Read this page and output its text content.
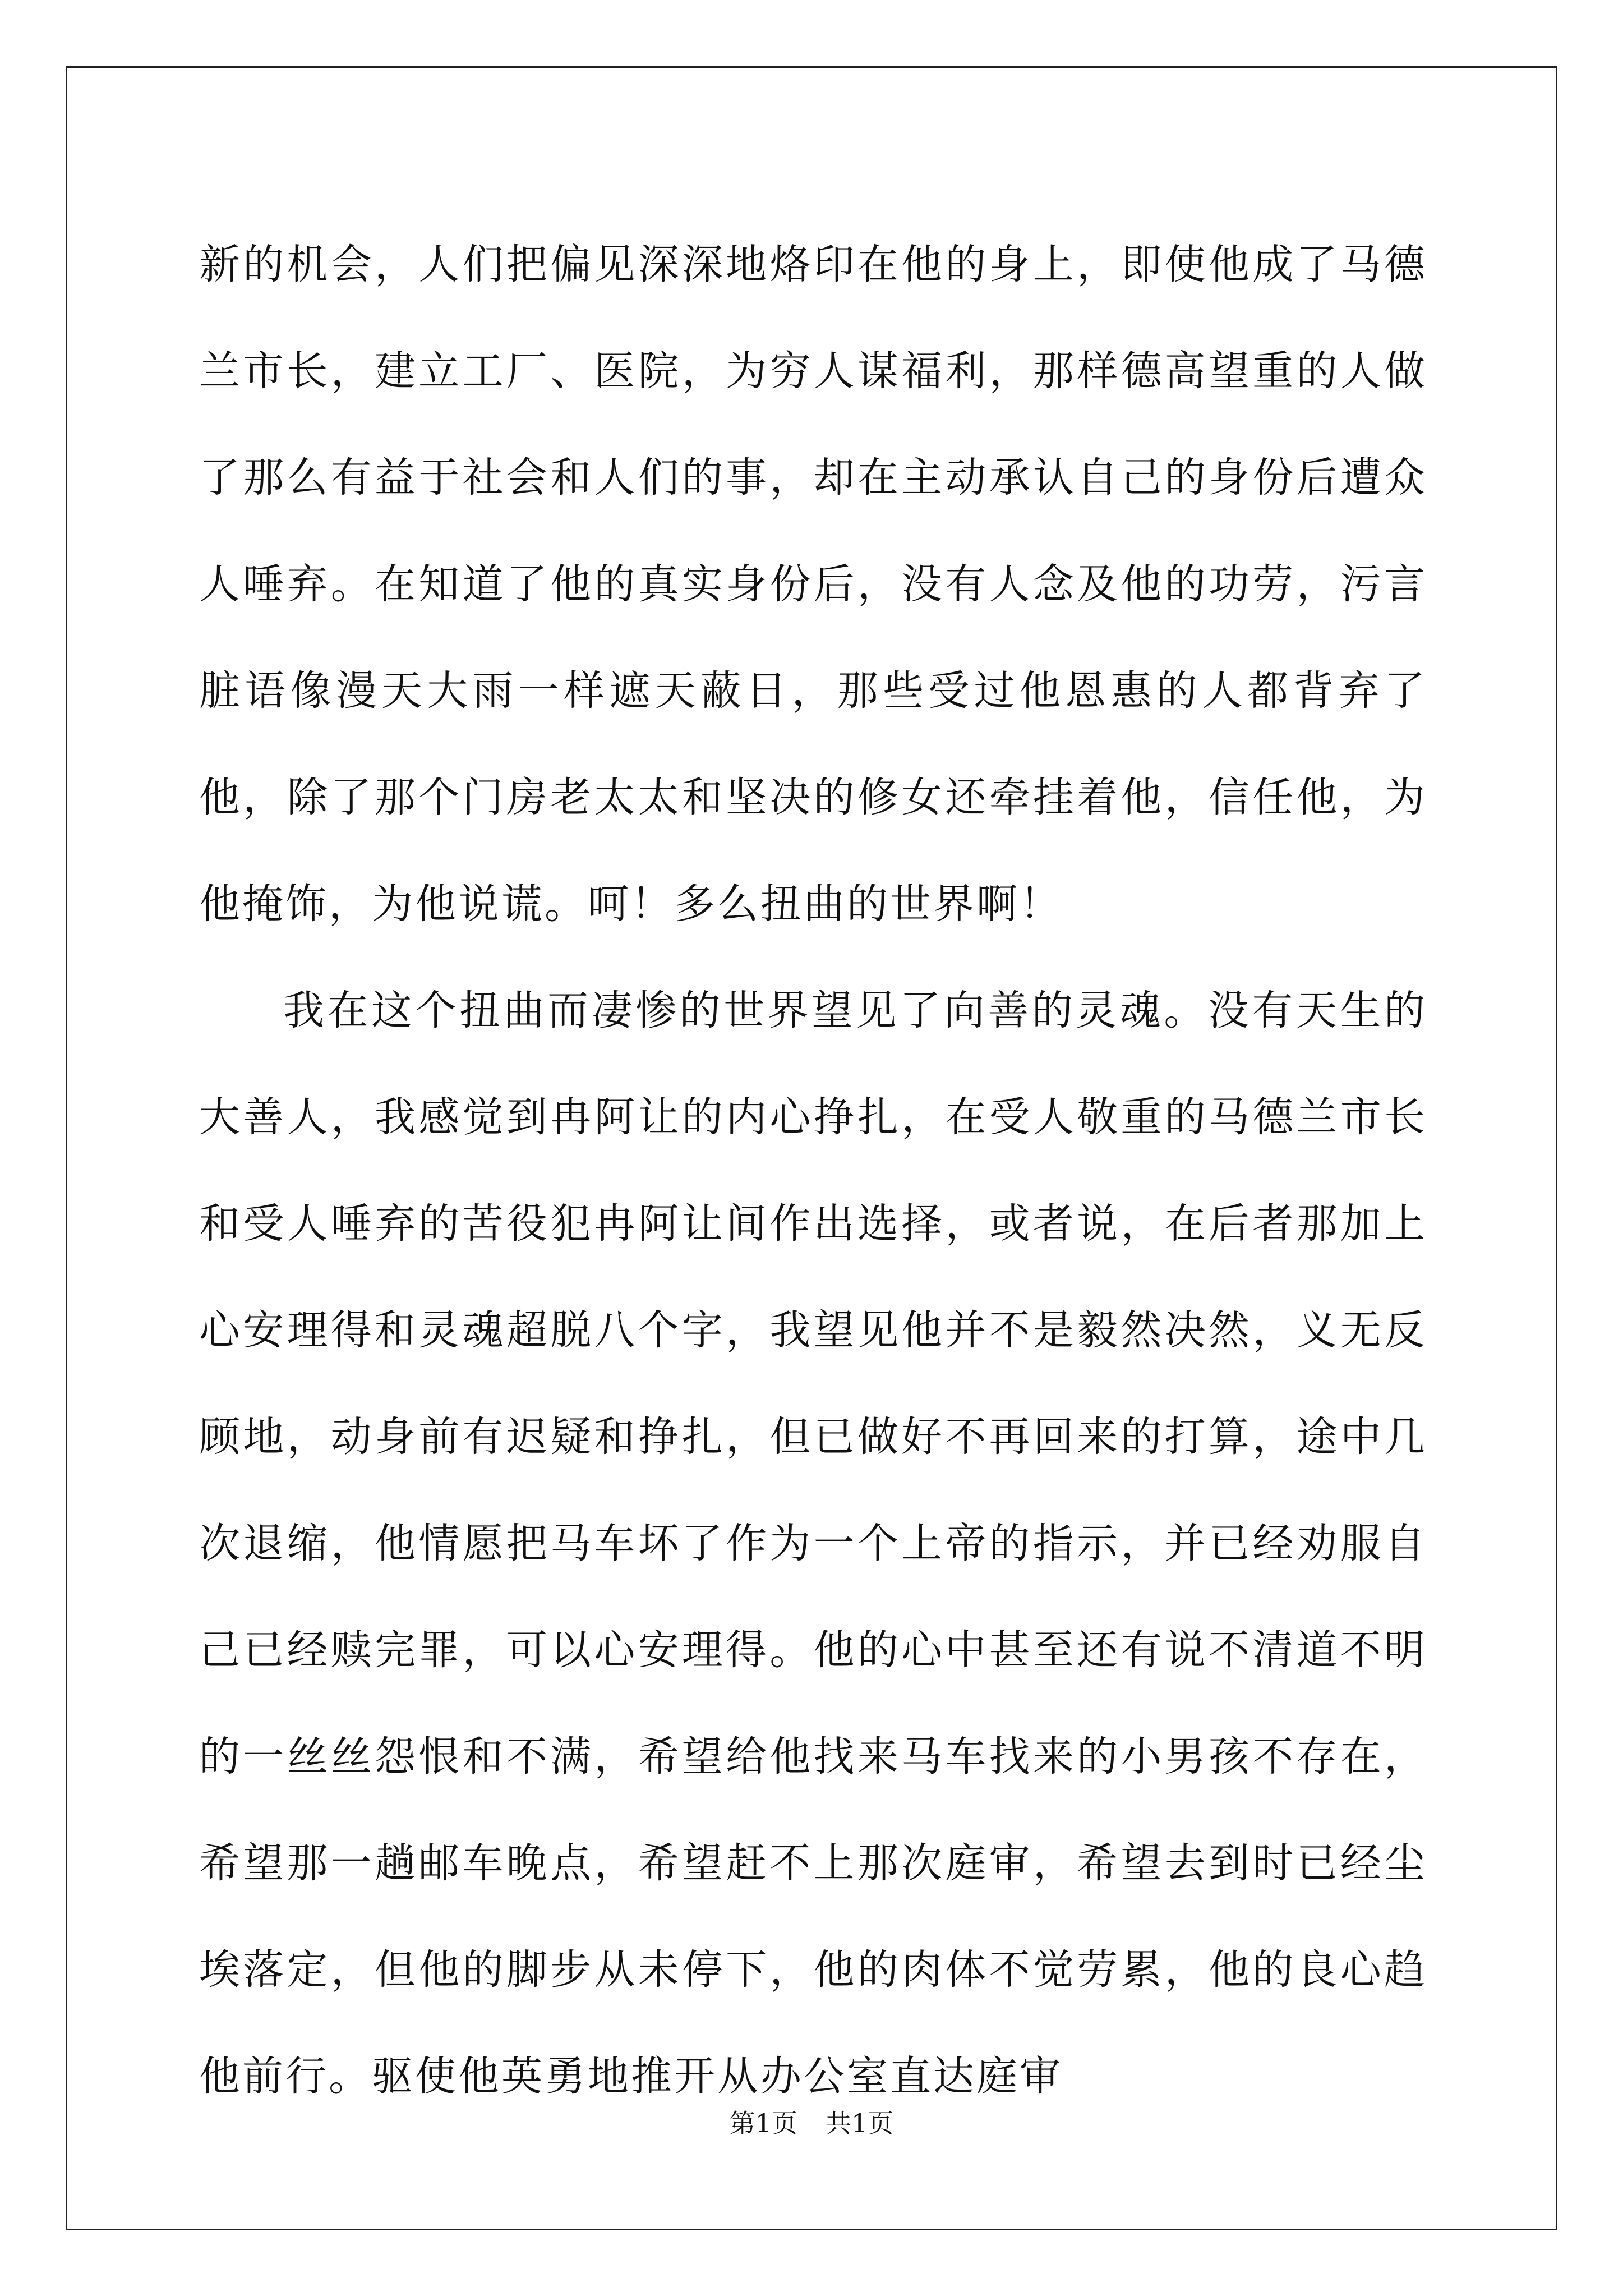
新的机会，人们把偏见深深地烙印在他的身上，即使他成了马德兰市长，建立工厂、医院，为穷人谋福利，那样德高望重的人做了那么有益于社会和人们的事，却在主动承认自己的身份后遭众人唾弃。在知道了他的真实身份后，没有人念及他的功劳，污言脏语像漫天大雨一样遮天蔽日，那些受过他恩惠的人都背弃了他，除了那个门房老太太和坚决的修女还牵挂着他，信任他，为他掩饰，为他说谎。呵！多么扭曲的世界啊！

我在这个扭曲而凄惨的世界望见了向善的灵魂。没有天生的大善人，我感觉到冉阿让的内心挣扎，在受人敬重的马德兰市长和受人唾弃的苦役犯冉阿让间作出选择，或者说，在后者那加上心安理得和灵魂超脱八个字，我望见他并不是毅然决然，义无反顾地，动身前有迟疑和挣扎，但已做好不再回来的打算，途中几次退缩，他情愿把马车坏了作为一个上帝的指示，并已经劝服自己已经赎完罪，可以心安理得。他的心中甚至还有说不清道不明的一丝丝怨恨和不满，希望给他找来马车找来的小男孩不存在，希望那一趟邮车晚点，希望赶不上那次庭审，希望去到时已经尘埃落定，但他的脚步从未停下，他的肉体不觉劳累，他的良心趋他前行。驱使他英勇地推开从办公室直达庭审

第1页 共1页
